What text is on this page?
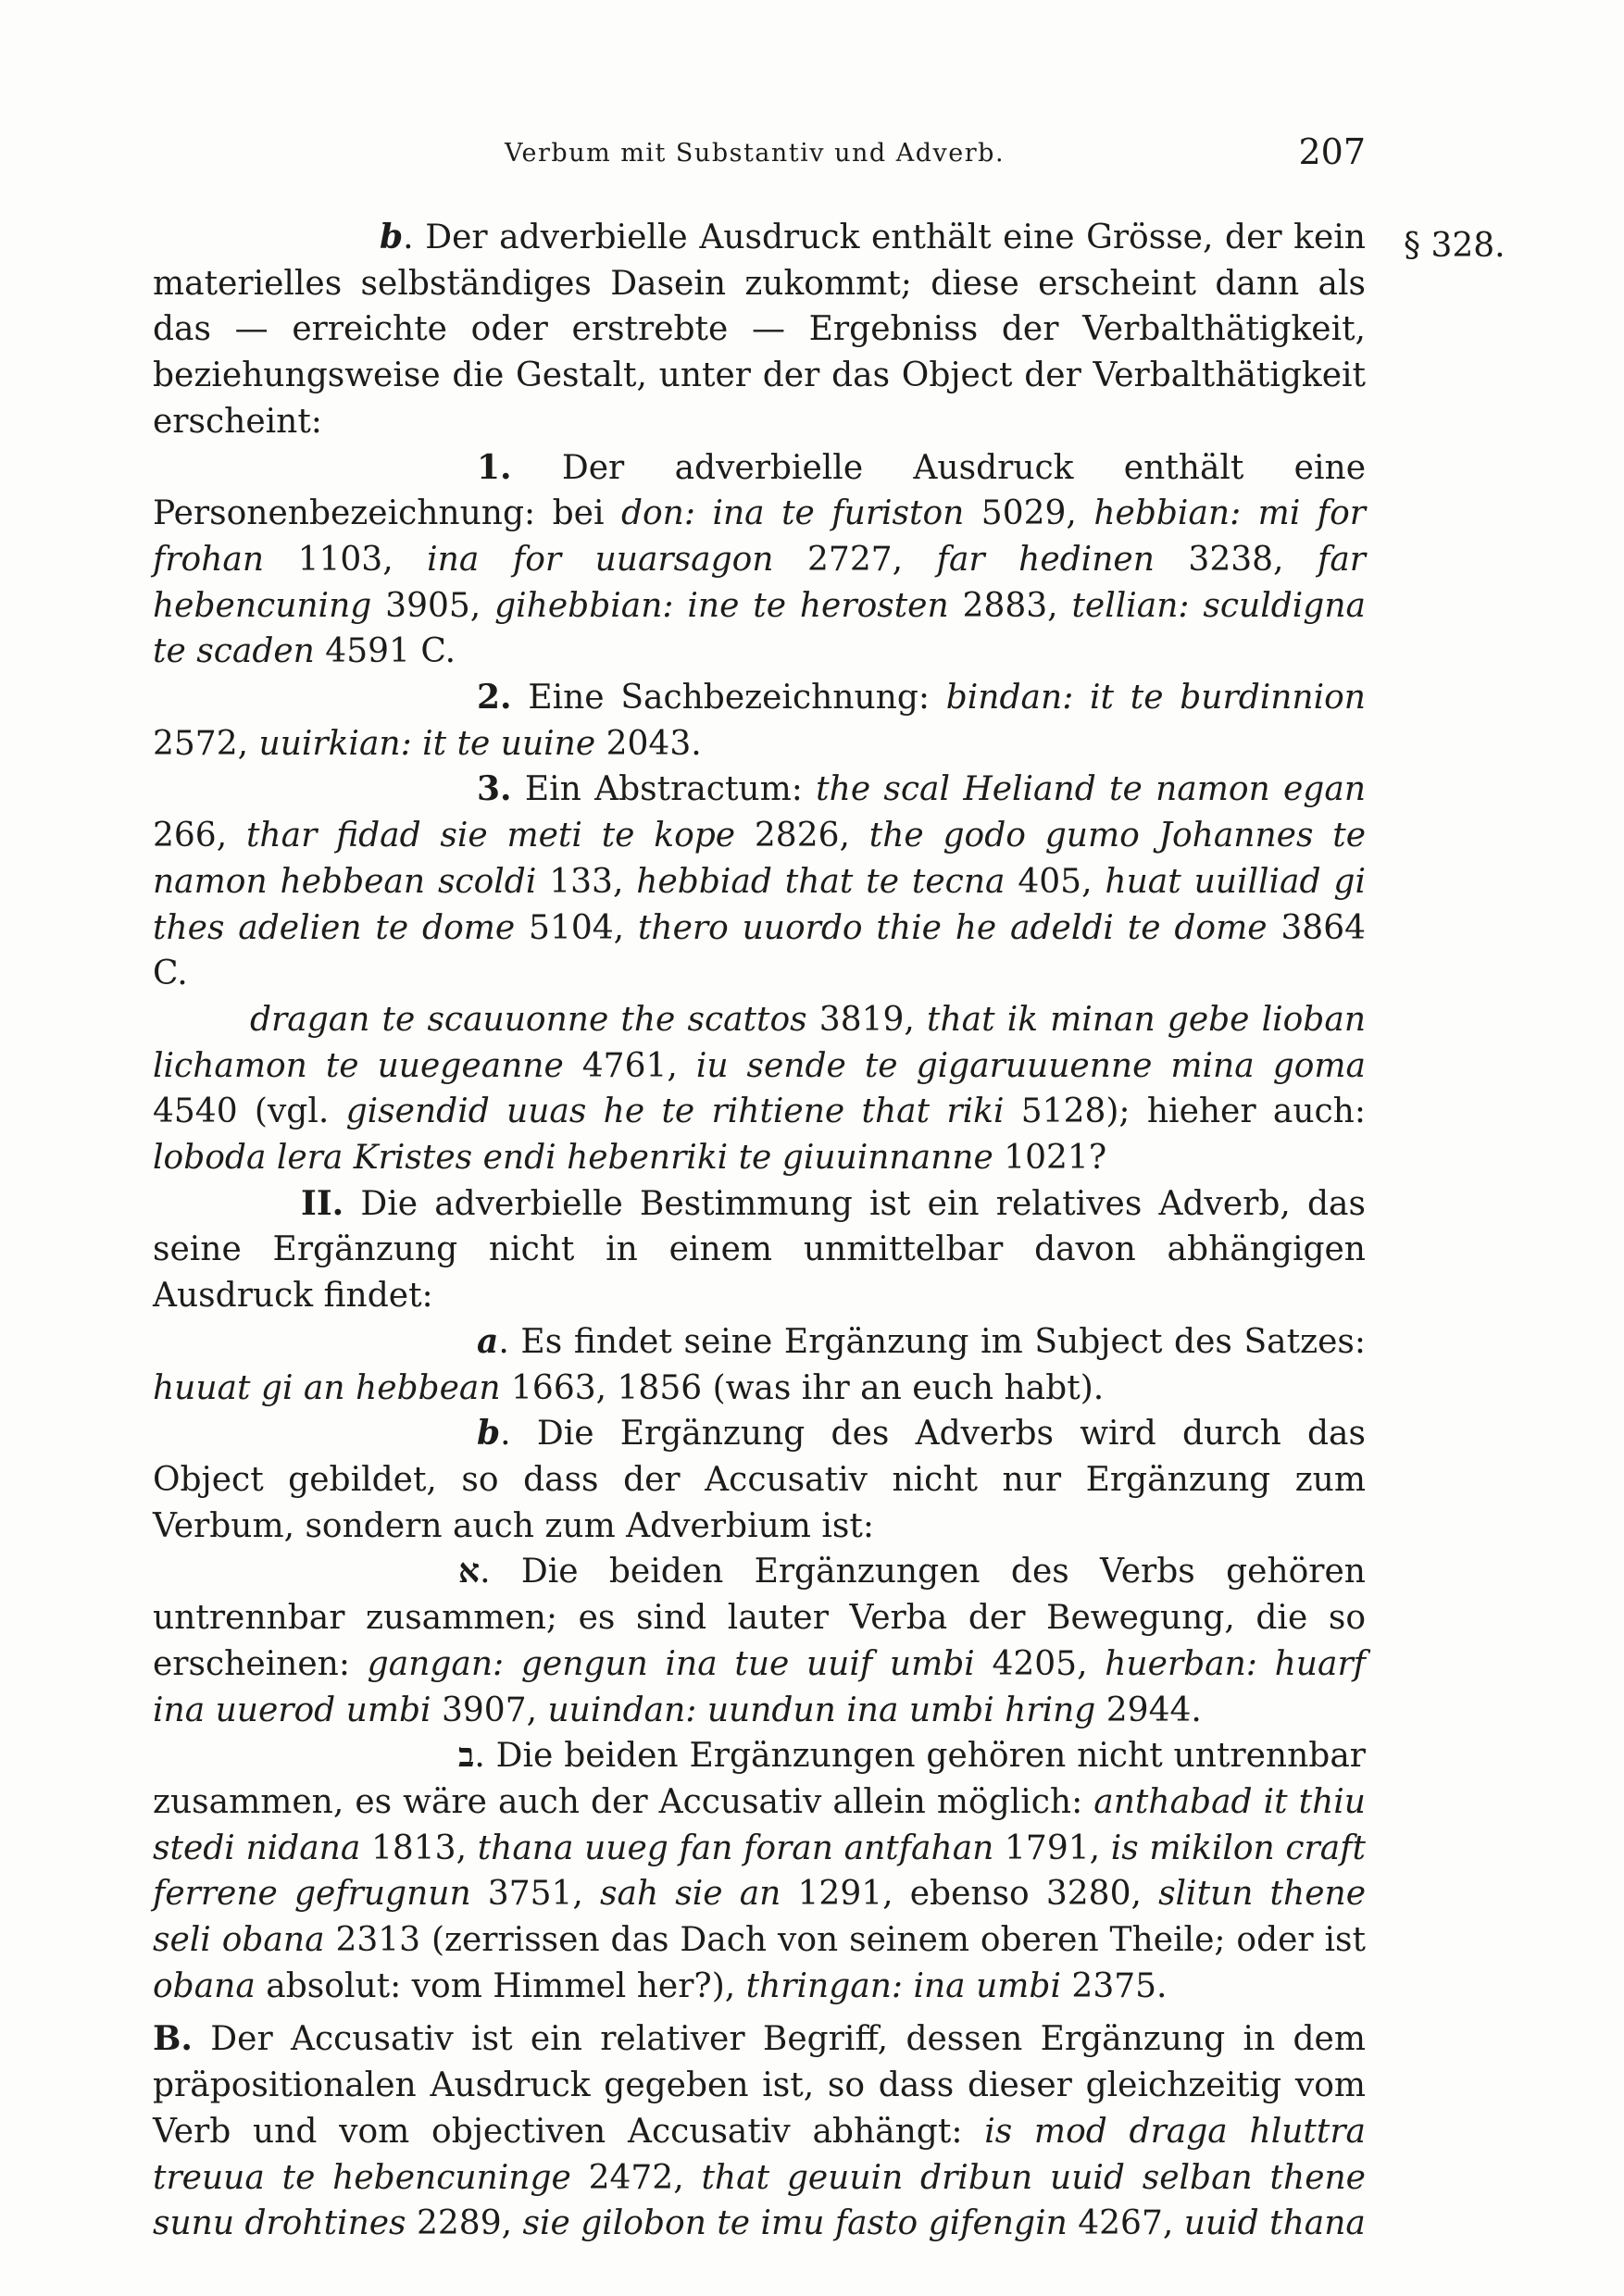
Verbum mit Substantiv und Adverb.	207
§ 328.

b. Der adverbielle Ausdruck enthält eine Grösse, der kein materielles selbständiges Dasein zukommt; diese erscheint dann als das — erreichte oder erstrebte — Ergebniss der Verbalthätigkeit, beziehungsweise die Gestalt, unter der das Object der Verbalthätigkeit erscheint:

1. Der adverbielle Ausdruck enthält eine Personenbezeichnung: bei don: ina te furiston 5029, hebbian: mi for frohan 1103, ina for uuarsagon 2727, far hedinen 3238, far hebencuning 3905, gihebbian: ine te herosten 2883, tellian: sculdigna te scaden 4591 C.

2. Eine Sachbezeichnung: bindan: it te burdinnion 2572, uuirkian: it te uuine 2043.

3. Ein Abstractum: the scal Heliand te namon egan 266, thar fidad sie meti te kope 2826, the godo gumo Johannes te namon hebbean scoldi 133, hebbiad that te tecna 405, huat uuilliad gi thes adelien te dome 5104, thero uuordo thie he adeldi te dome 3864 C.

dragan te scauuonne the scattos 3819, that ik minan gebe lioban lichamon te uuegeanne 4761, iu sende te gigaruuuenne mina goma 4540 (vgl. gisendid uuas he te rihtiene that riki 5128); hieher auch: loboda lera Kristes endi hebenriki te giuuinnanne 1021?

II. Die adverbielle Bestimmung ist ein relatives Adverb, das seine Ergänzung nicht in einem unmittelbar davon abhängigen Ausdruck findet:

a. Es findet seine Ergänzung im Subject des Satzes: huuat gi an hebbean 1663, 1856 (was ihr an euch habt).

b. Die Ergänzung des Adverbs wird durch das Object gebildet, so dass der Accusativ nicht nur Ergänzung zum Verbum, sondern auch zum Adverbium ist:

א. Die beiden Ergänzungen des Verbs gehören untrennbar zusammen; es sind lauter Verba der Bewegung, die so erscheinen: gangan: gengun ina tue uuif umbi 4205, huerban: huarf ina uuerod umbi 3907, uuindan: uundun ina umbi hring 2944.

ב. Die beiden Ergänzungen gehören nicht untrennbar zusammen, es wäre auch der Accusativ allein möglich: anthabad it thiu stedi nidana 1813, thana uueg fan foran antfahan 1791, is mikilon craft ferrene gefrugnun 3751, sah sie an 1291, ebenso 3280, slitun thene seli obana 2313 (zerrissen das Dach von seinem oberen Theile; oder ist obana absolut: vom Himmel her?), thringan: ina umbi 2375.

B. Der Accusativ ist ein relativer Begriff, dessen Ergänzung in dem präpositionalen Ausdruck gegeben ist, so dass dieser gleichzeitig vom Verb und vom objectiven Accusativ abhängt: is mod draga hluttra treuua te hebencuninge 2472, that geuuin dribun uuid selban thene sunu drohtines 2289, sie gilobon te imu fasto gifengin 4267, uuid thana
